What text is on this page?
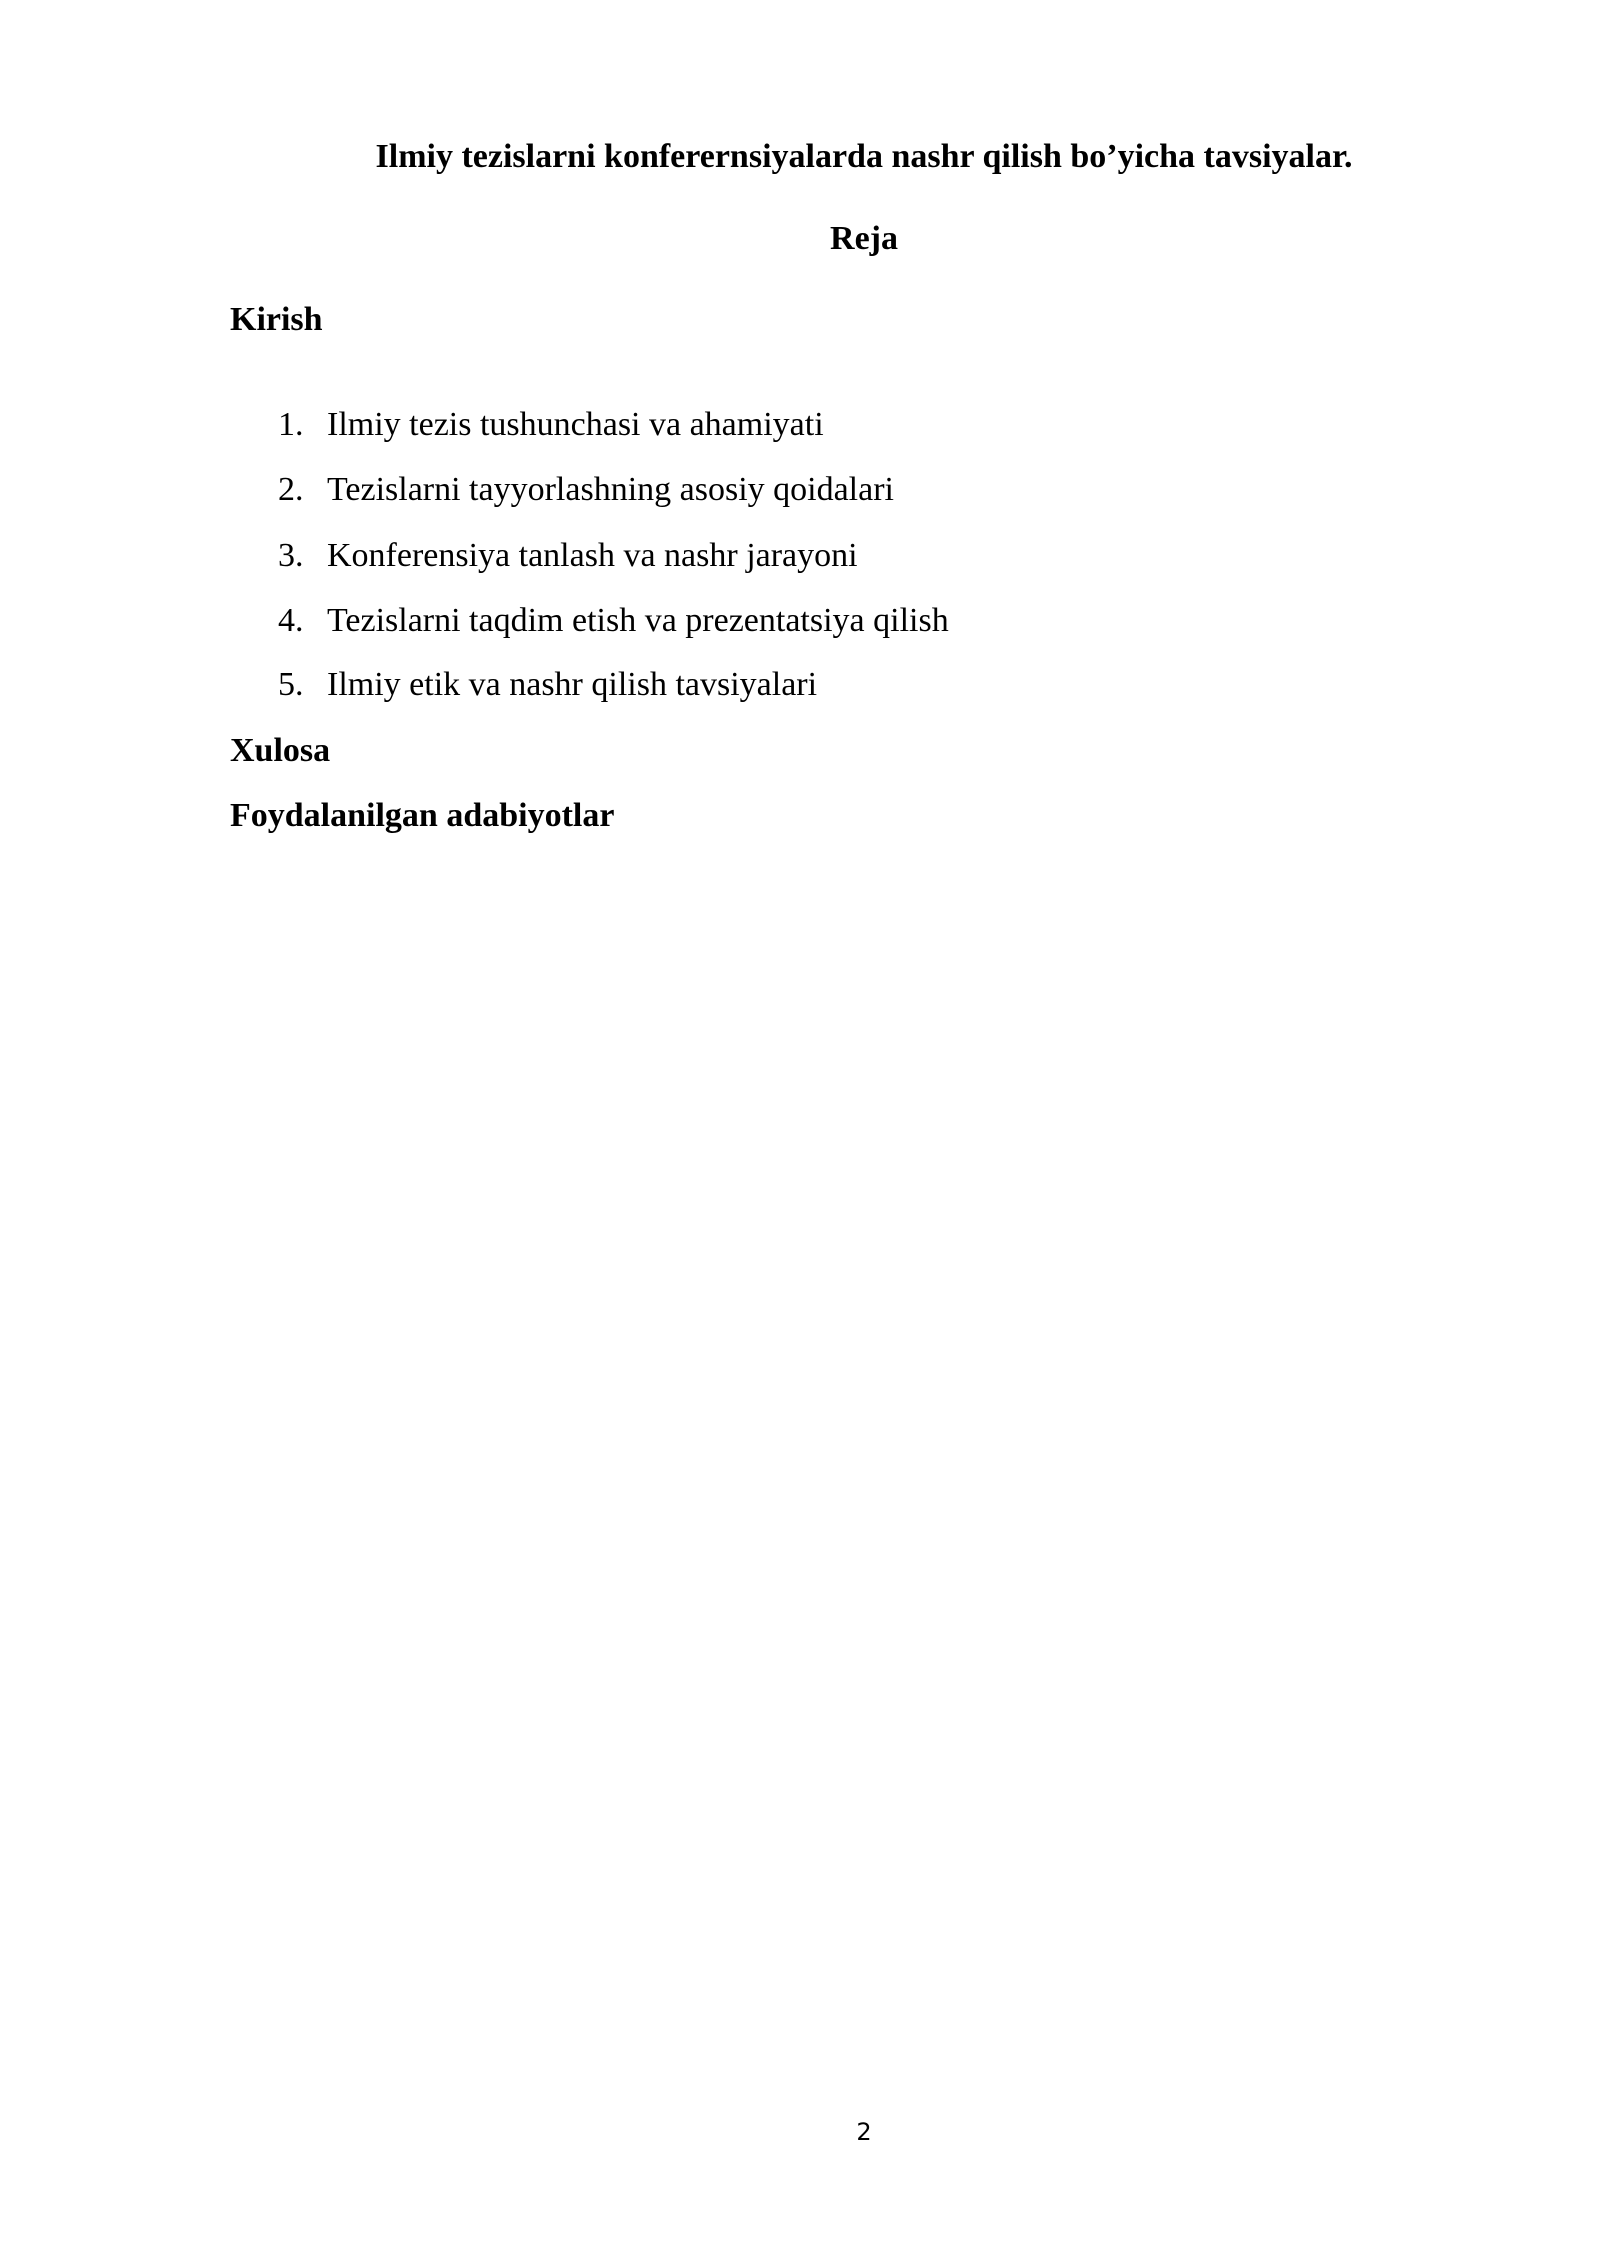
Ilmiy tezislarni konferernsiyalarda nashr qilish bo’yicha tavsiyalar.
Reja
Kirish
1. Ilmiy tezis tushunchasi va ahamiyati
2. Tezislarni tayyorlashning asosiy qoidalari
3. Konferensiya tanlash va nashr jarayoni
4. Tezislarni taqdim etish va prezentatsiya qilish
5. Ilmiy etik va nashr qilish tavsiyalari
Xulosa
Foydalanilgan adabiyotlar
2
